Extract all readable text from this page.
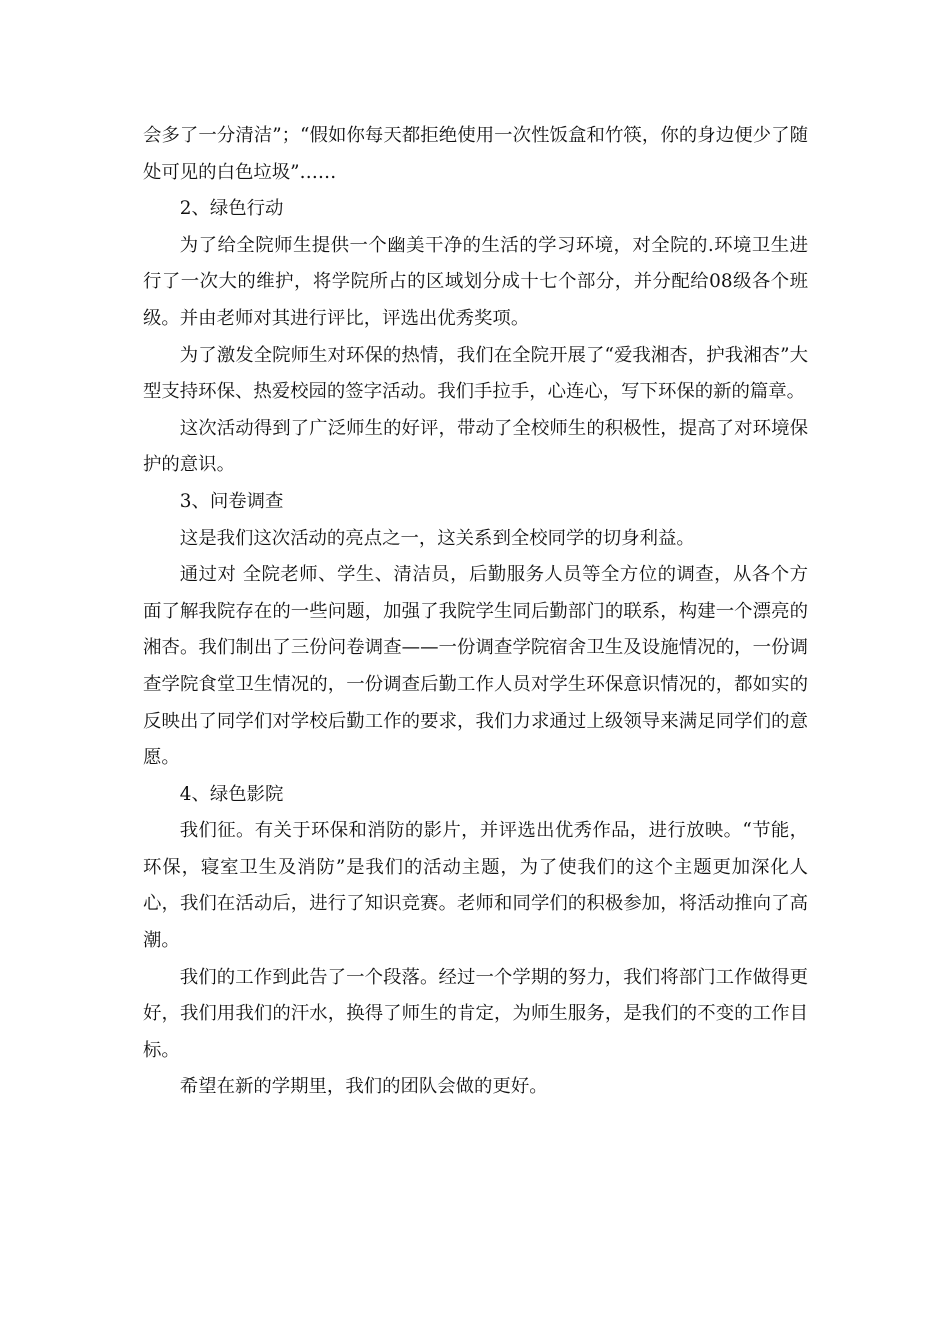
会多了一分清洁”；“假如你每天都拒绝使用一次性饭盒和竹筷，你的身边便少了随处可见的白色垃圾”……

2、绿色行动

为了给全院师生提供一个幽美干净的生活的学习环境，对全院的.环境卫生进行了一次大的维护，将学院所占的区域划分成十七个部分，并分配给08级各个班级。并由老师对其进行评比，评选出优秀奖项。

为了激发全院师生对环保的热情，我们在全院开展了“爱我湘杏，护我湘杏”大型支持环保、热爱校园的签字活动。我们手拉手，心连心，写下环保的新的篇章。

这次活动得到了广泛师生的好评，带动了全校师生的积极性，提高了对环境保护的意识。

3、问卷调查

这是我们这次活动的亮点之一，这关系到全校同学的切身利益。

通过对 全院老师、学生、清洁员，后勤服务人员等全方位的调查，从各个方面了解我院存在的一些问题，加强了我院学生同后勤部门的联系，构建一个漂亮的湘杏。我们制出了三份问卷调查——一份调查学院宿舍卫生及设施情况的，一份调查学院食堂卫生情况的，一份调查后勤工作人员对学生环保意识情况的，都如实的反映出了同学们对学校后勤工作的要求，我们力求通过上级领导来满足同学们的意愿。

4、绿色影院

我们征。有关于环保和消防的影片，并评选出优秀作品，进行放映。“节能，环保，寝室卫生及消防”是我们的活动主题，为了使我们的这个主题更加深化人心，我们在活动后，进行了知识竞赛。老师和同学们的积极参加，将活动推向了高潮。

我们的工作到此告了一个段落。经过一个学期的努力，我们将部门工作做得更好，我们用我们的汗水，换得了师生的肯定，为师生服务，是我们的不变的工作目标。

希望在新的学期里，我们的团队会做的更好。
